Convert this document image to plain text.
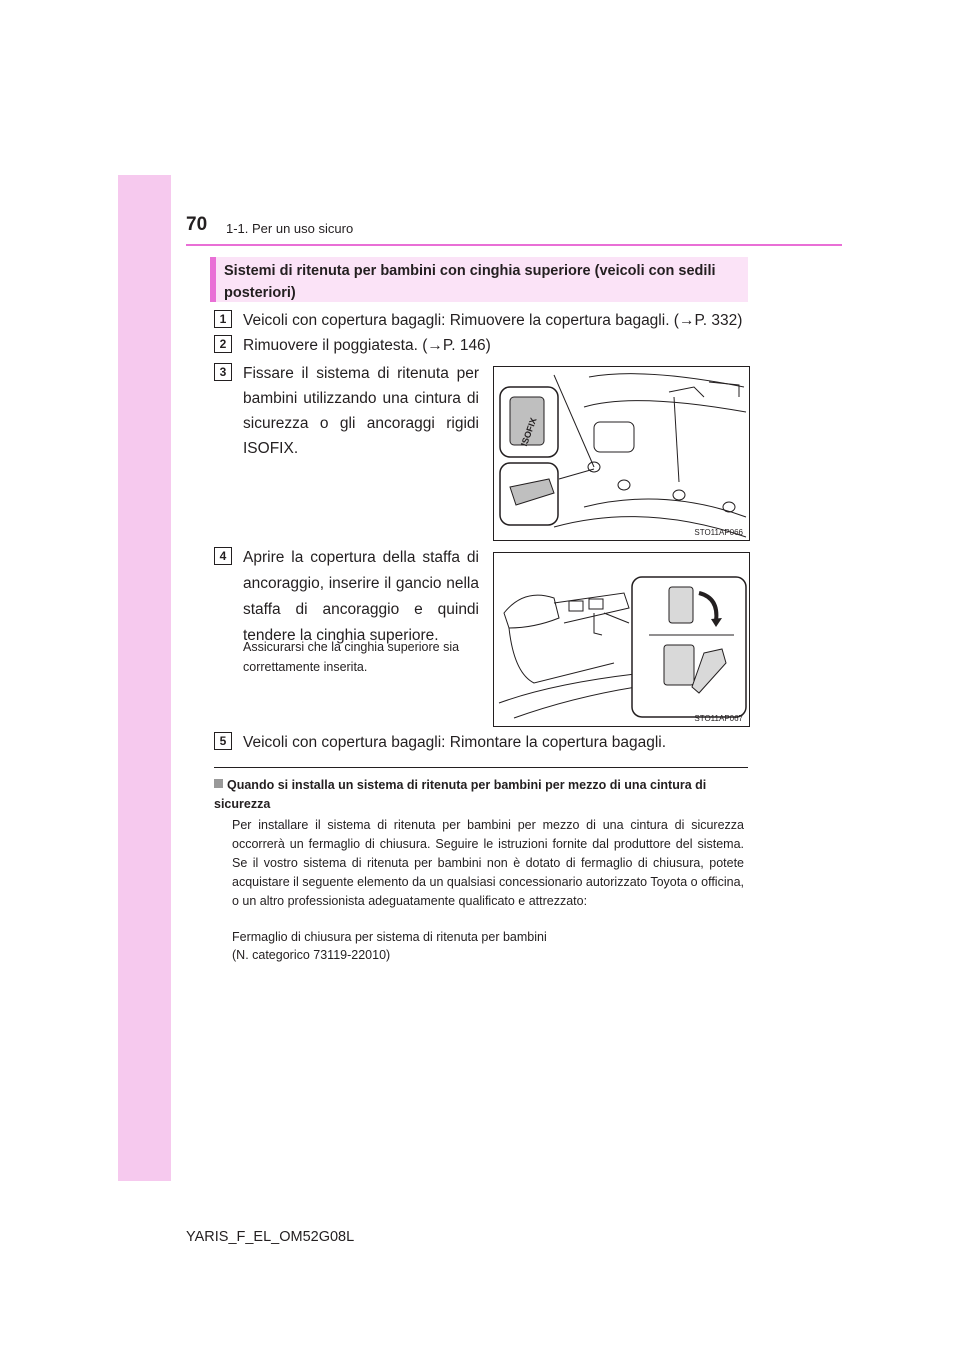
70 1-1. Per un uso sicuro
Sistemi di ritenuta per bambini con cinghia superiore (veicoli con sedili posteriori)
1	Veicoli con copertura bagagli: Rimuovere la copertura bagagli. (→P. 332)
2	Rimuovere il poggiatesta. (→P. 146)
3	Fissare il sistema di ritenuta per bambini utilizzando una cintura di sicurezza o gli ancoraggi rigidi ISOFIX.
ISOFIX
STO11AP066
4	Aprire la copertura della staffa di ancoraggio, inserire il gancio nella staffa di ancoraggio e quindi tendere la cinghia superiore.
Assicurarsi che la cinghia superiore sia correttamente inserita.
STO11AP067
5	Veicoli con copertura bagagli: Rimontare la copertura bagagli.
Quando si installa un sistema di ritenuta per bambini per mezzo di una cintura di sicurezza
Per installare il sistema di ritenuta per bambini per mezzo di una cintura di sicurezza occorrerà un fermaglio di chiusura. Seguire le istruzioni fornite dal produttore del sistema. Se il vostro sistema di ritenuta per bambini non è dotato di fermaglio di chiusura, potete acquistare il seguente elemento da un qualsiasi concessionario autorizzato Toyota o officina, o un altro professionista adeguatamente qualificato e attrezzato:
Fermaglio di chiusura per sistema di ritenuta per bambini
(N. categorico 73119-22010)
YARIS_F_EL_OM52G08L
